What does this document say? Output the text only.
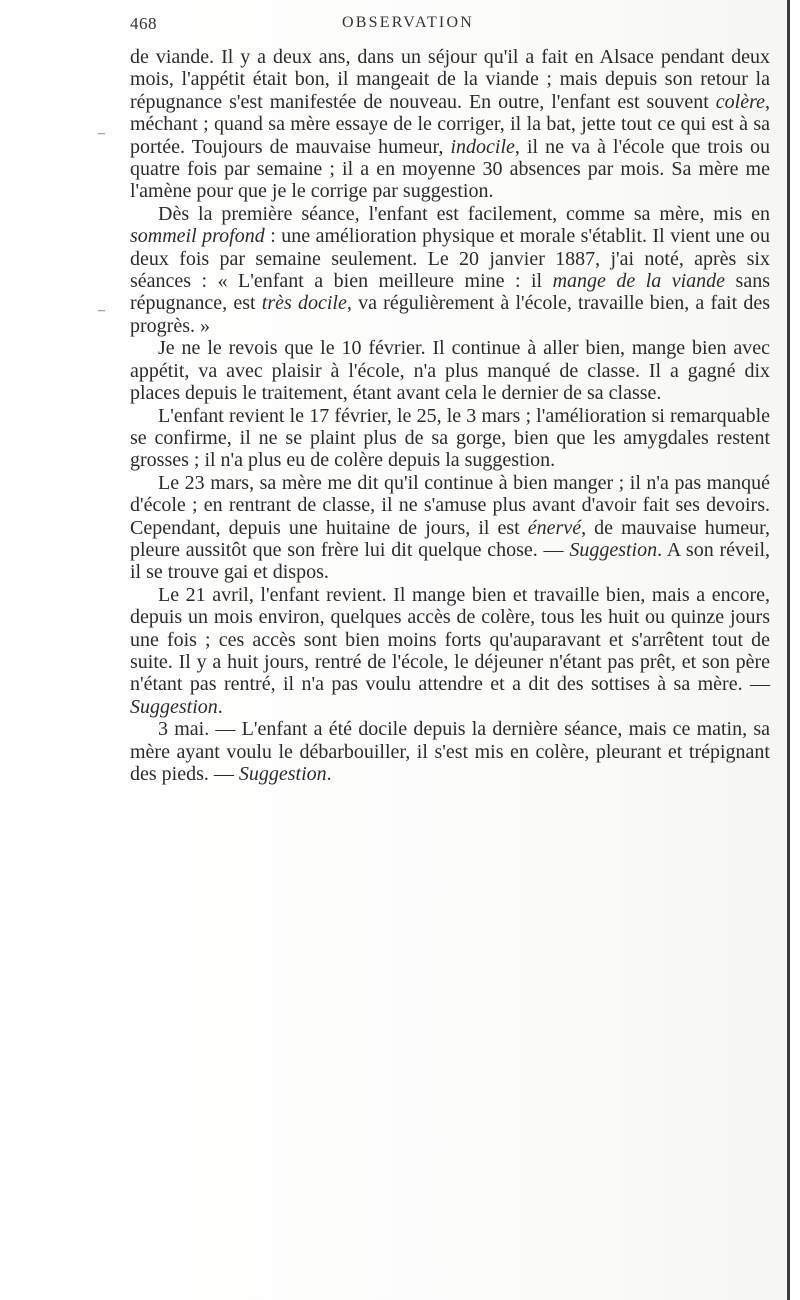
468	OBSERVATION
–
–

de viande. Il y a deux ans, dans un séjour qu'il a fait en Alsace pendant deux mois, l'appétit était bon, il mangeait de la viande ; mais depuis son retour la répugnance s'est manifestée de nouveau. En outre, l'enfant est souvent colère, méchant ; quand sa mère essaye de le corriger, il la bat, jette tout ce qui est à sa portée. Toujours de mauvaise humeur, indocile, il ne va à l'école que trois ou quatre fois par semaine ; il a en moyenne 30 absences par mois. Sa mère me l'amène pour que je le corrige par suggestion.

Dès la première séance, l'enfant est facilement, comme sa mère, mis en sommeil profond : une amélioration physique et morale s'établit. Il vient une ou deux fois par semaine seulement. Le 20 janvier 1887, j'ai noté, après six séances : « L'enfant a bien meilleure mine : il mange de la viande sans répugnance, est très docile, va régulièrement à l'école, travaille bien, a fait des progrès. »

Je ne le revois que le 10 février. Il continue à aller bien, mange bien avec appétit, va avec plaisir à l'école, n'a plus manqué de classe. Il a gagné dix places depuis le traitement, étant avant cela le dernier de sa classe.

L'enfant revient le 17 février, le 25, le 3 mars ; l'amélioration si remarquable se confirme, il ne se plaint plus de sa gorge, bien que les amygdales restent grosses ; il n'a plus eu de colère depuis la suggestion.

Le 23 mars, sa mère me dit qu'il continue à bien manger ; il n'a pas manqué d'école ; en rentrant de classe, il ne s'amuse plus avant d'avoir fait ses devoirs. Cependant, depuis une huitaine de jours, il est énervé, de mauvaise humeur, pleure aussitôt que son frère lui dit quelque chose. — Suggestion. A son réveil, il se trouve gai et dispos.

Le 21 avril, l'enfant revient. Il mange bien et travaille bien, mais a encore, depuis un mois environ, quelques accès de colère, tous les huit ou quinze jours une fois ; ces accès sont bien moins forts qu'auparavant et s'arrêtent tout de suite. Il y a huit jours, rentré de l'école, le déjeuner n'étant pas prêt, et son père n'étant pas rentré, il n'a pas voulu attendre et a dit des sottises à sa mère. — Suggestion.

3 mai. — L'enfant a été docile depuis la dernière séance, mais ce matin, sa mère ayant voulu le débarbouiller, il s'est mis en colère, pleurant et trépignant des pieds. — Suggestion.
